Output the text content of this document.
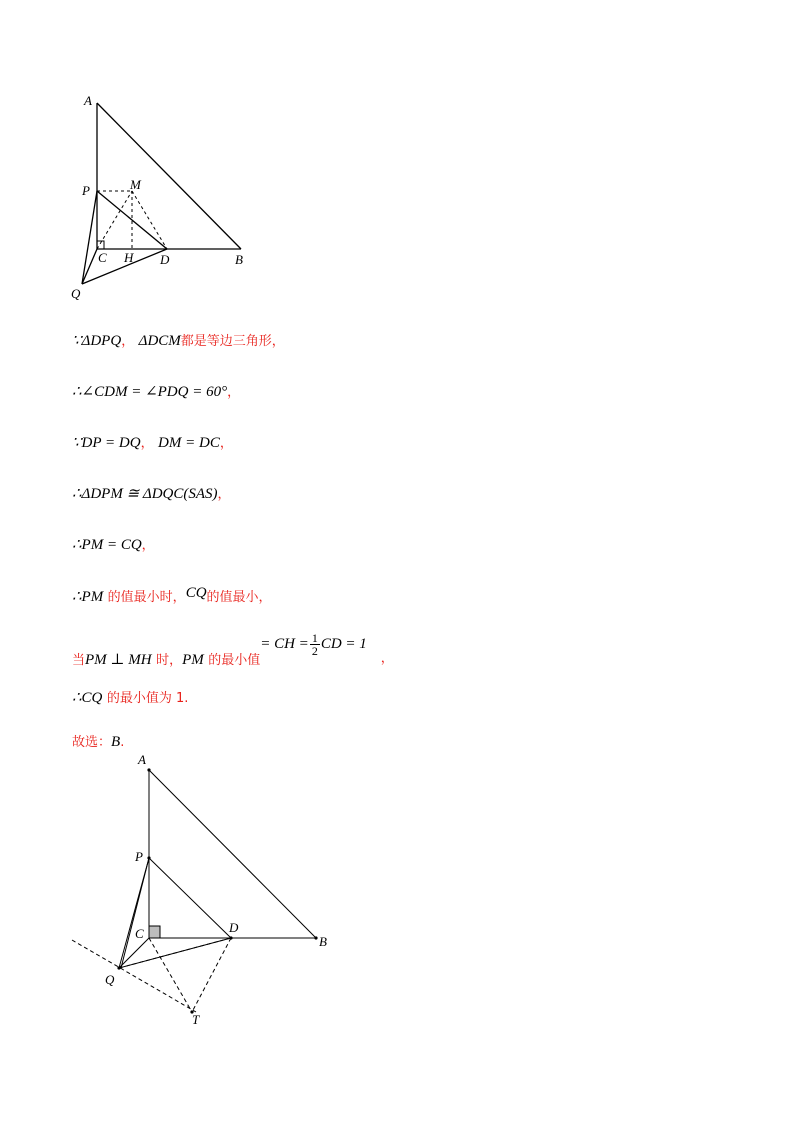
A
P	M
C H D	B
Q
∵ΔDPQ， ΔDCM都是等边三角形，
∴∠CDM = ∠PDQ = 60°，
∵DP = DQ， DM = DC，
∴ΔDPM ≅ ΔDQC(SAS)，
∴PM = CQ，
∴PM 的值最小时，CQ的值最小，
当PM ⊥ MH 时，PM 的最小值= CH = $\frac{1}{2}$ CD = 1，
∴CQ 的最小值为 1.
故选：B.
A
P
C	D
B
Q
T
